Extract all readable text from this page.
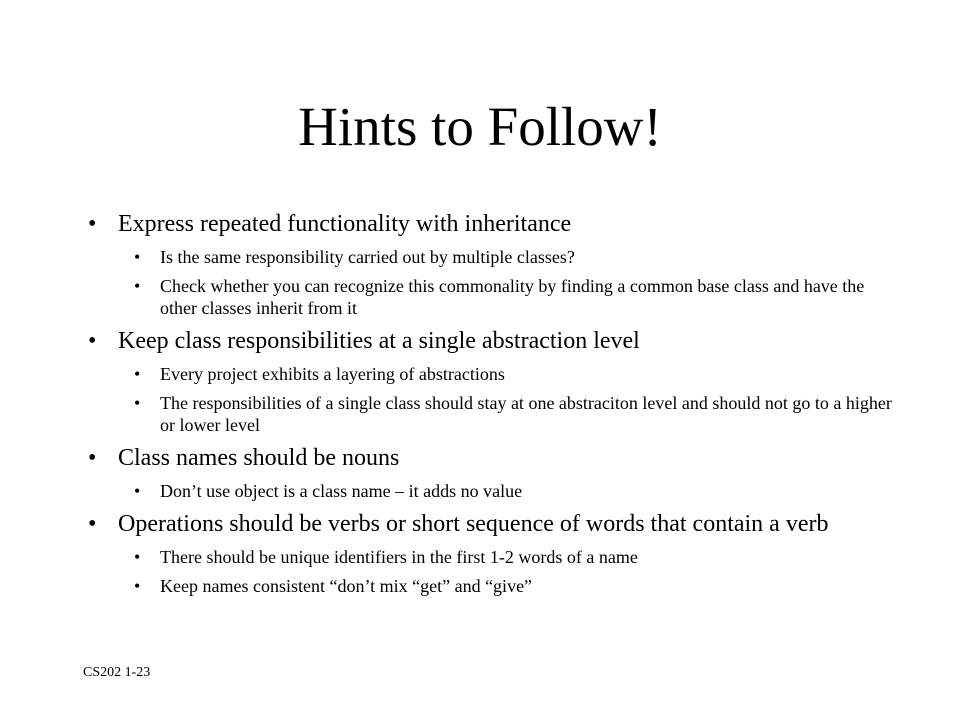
Hints to Follow!
• Express repeated functionality with inheritance
• Is the same responsibility carried out by multiple classes?
• Check whether you can recognize this commonality by finding a common base class and have the other classes inherit from it
• Keep class responsibilities at a single abstraction level
• Every project exhibits a layering of abstractions
• The responsibilities of a single class should stay at one abstraciton level and should not go to a higher or lower level
• Class names should be nouns
• Don’t use object is a class name – it adds no value
• Operations should be verbs or short sequence of words that contain a verb
• There should be unique identifiers in the first 1-2 words of a name
• Keep names consistent “don’t mix “get” and “give”
CS202 1-23
